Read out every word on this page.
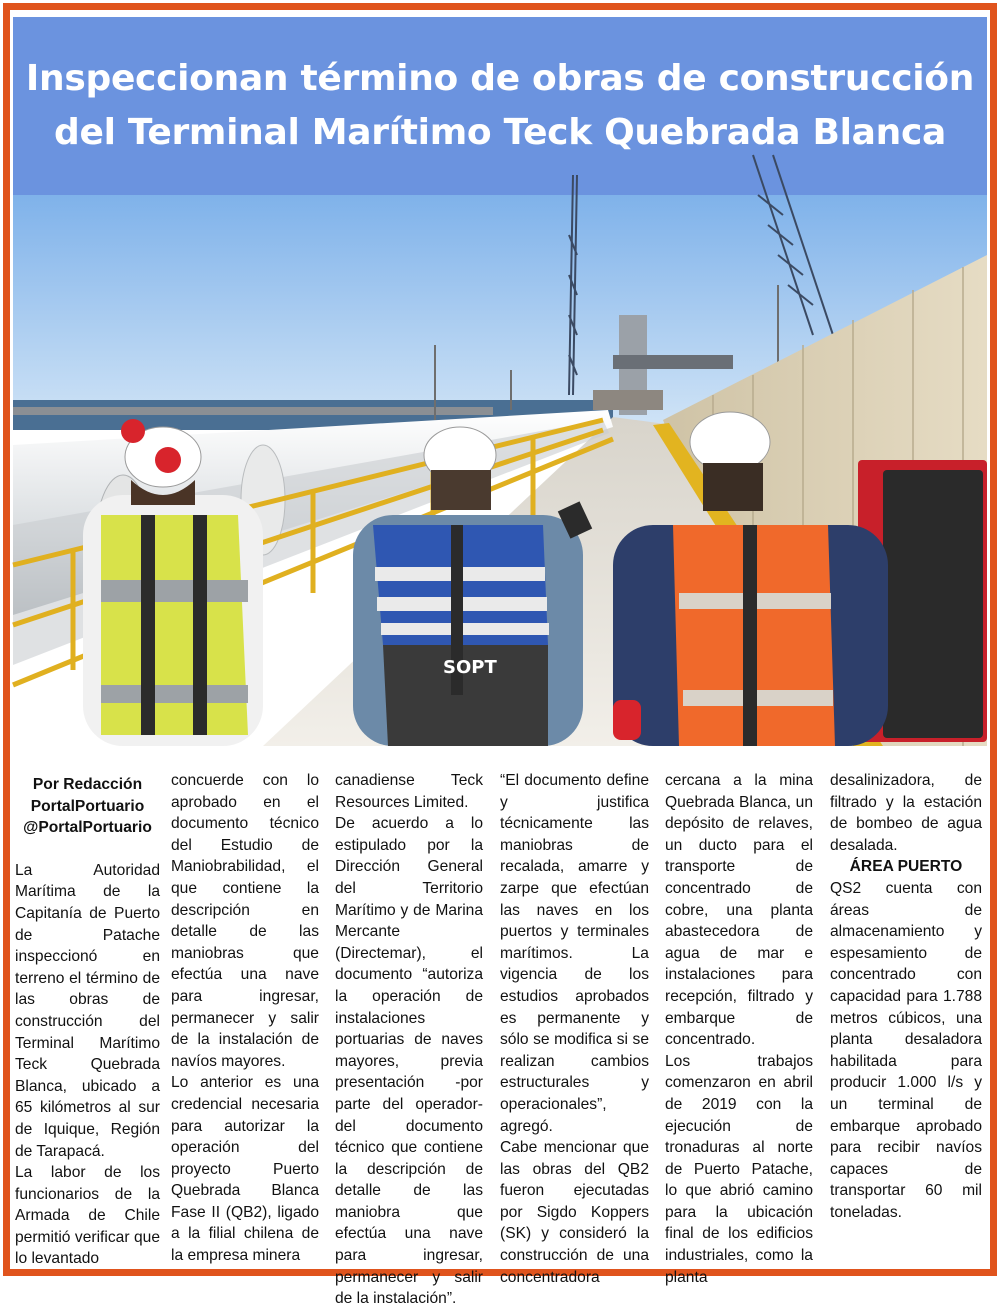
Inspeccionan término de obras de construcción
del Terminal Marítimo Teck Quebrada Blanca
SOPT
Por Redacción
PortalPortuario
@PortalPortuario

La Autoridad Marítima de la Capitanía de Puerto de Patache inspeccionó en terreno el término de las obras de construcción del Terminal Marítimo Teck Quebrada Blanca, ubicado a 65 kilómetros al sur de Iquique, Región de Tarapacá.

La labor de los funcionarios de la Armada de Chile permitió verificar que lo levantado

concuerde con lo aprobado en el documento técnico del Estudio de Maniobrabilidad, el que contiene la descripción en detalle de las maniobras que efectúa una nave para ingresar, permanecer y salir de la instalación de navíos mayores.

Lo anterior es una credencial necesaria para autorizar la operación del proyecto Puerto Quebrada Blanca Fase II (QB2), ligado a la filial chilena de la empresa minera

canadiense Teck Resources Limited.

De acuerdo a lo estipulado por la Dirección General del Territorio Marítimo y de Marina Mercante (Directemar), el documento “autoriza la operación de instalaciones portuarias de naves mayores, previa presentación -por parte del operador- del documento técnico que contiene la descripción de detalle de las maniobra que efectúa una nave para ingresar, permanecer y salir de la instalación”.

“El documento define y justifica técnicamente las maniobras de recalada, amarre y zarpe que efectúan las naves en los puertos y terminales marítimos. La vigencia de los estudios aprobados es permanente y sólo se modifica si se realizan cambios estructurales y operacionales”, agregó.

Cabe mencionar que las obras del QB2 fueron ejecutadas por Sigdo Koppers (SK) y consideró la construcción de una concentradora

cercana a la mina Quebrada Blanca, un depósito de relaves, un ducto para el transporte de concentrado de cobre, una planta abastecedora de agua de mar e instalaciones para recepción, filtrado y embarque de concentrado.

Los trabajos comenzaron en abril de 2019 con la ejecución de tronaduras al norte de Puerto Patache, lo que abrió camino para la ubicación final de los edificios industriales, como la planta

desalinizadora, de filtrado y la estación de bombeo de agua desalada.

ÁREA PUERTO

QS2 cuenta con áreas de almacenamiento y espesamiento de concentrado con capacidad para 1.788 metros cúbicos, una planta desaladora habilitada para producir 1.000 l/s y un terminal de embarque aprobado para recibir navíos capaces de transportar 60 mil toneladas.
